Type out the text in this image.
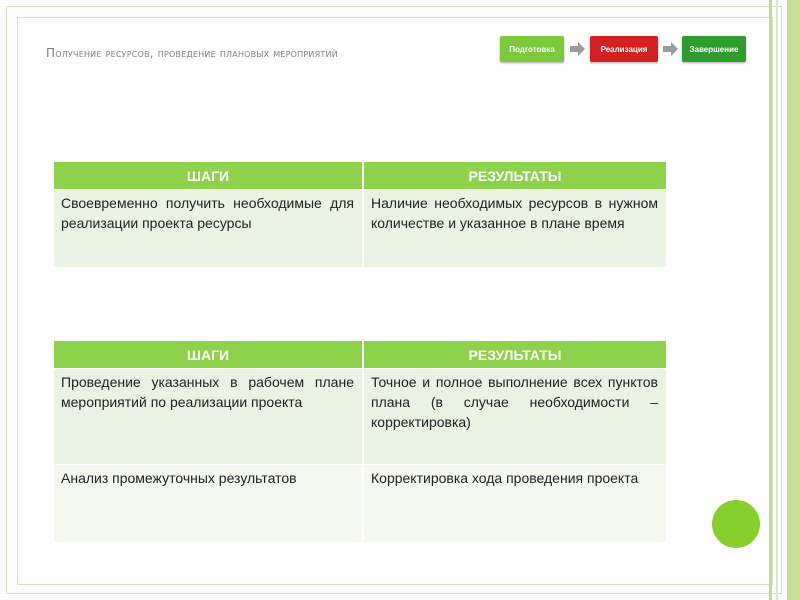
Получение ресурсов, проведение плановых мероприятий	Подготовка	Реализация	Завершение
ШАГИ	РЕЗУЛЬТАТЫ
Своевременно получить необходимые для реализации проекта ресурсы	Наличие необходимых ресурсов в нужном количестве и указанное в плане время
ШАГИ	РЕЗУЛЬТАТЫ
Проведение указанных в рабочем плане мероприятий по реализации проекта	Точное и полное выполнение всех пунктов плана (в случае необходимости – корректировка)
Анализ промежуточных результатов	Корректировка хода проведения проекта
